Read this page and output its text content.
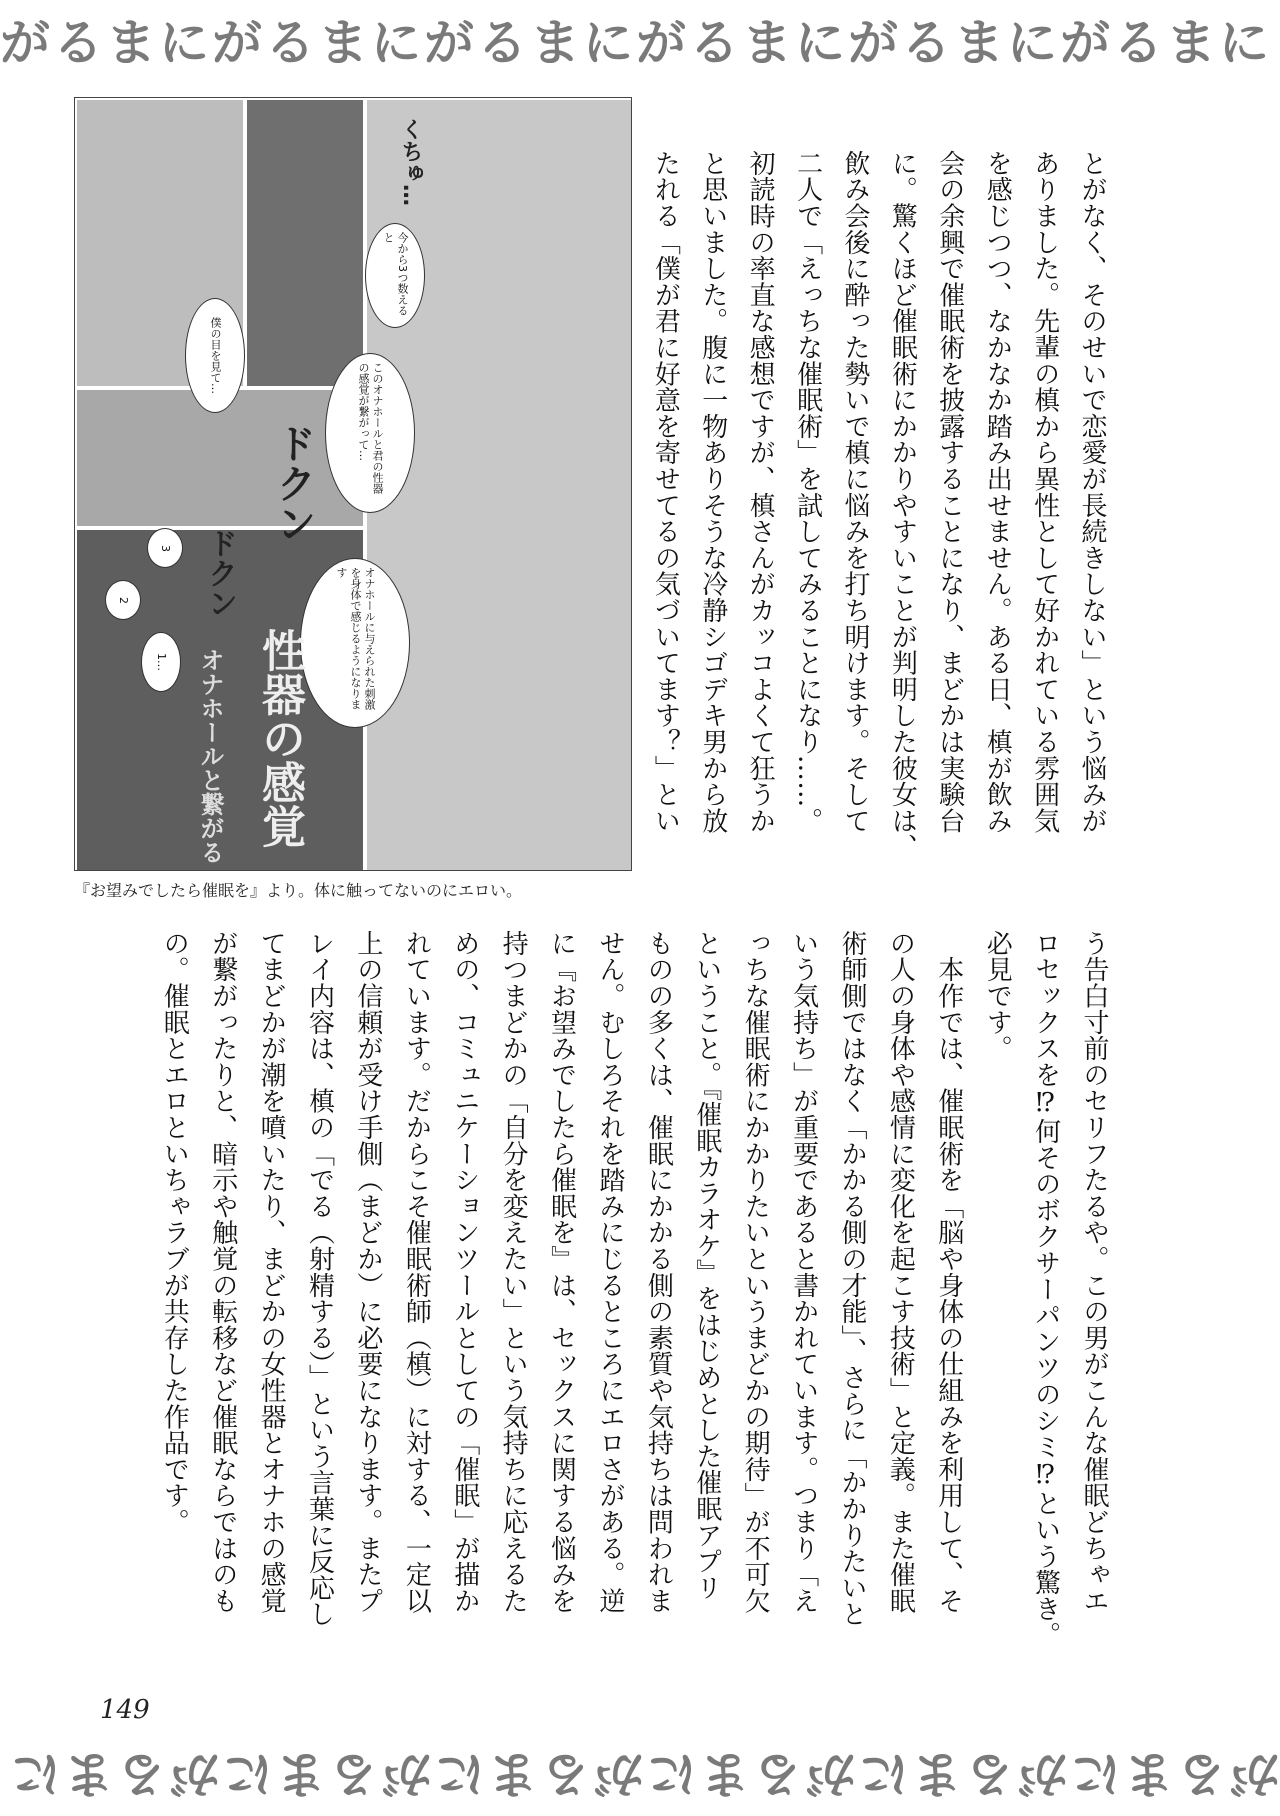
がるまにがるまにがるまにがるまにがるまにがるまに
今から3つ数えると
このオナホールと君の性器の感覚が繋がって…
僕の目を見て…
オナホールに与えられた刺激を身体で感じるようになります
3
2
1…
ドクン
ドクン
くちゅ…
性器の感覚
オナホールと繋がる
『お望みでしたら催眠を』より。体に触ってないのにエロい。
とがなく、そのせいで恋愛が長続きしない」という悩みが
ありました。先輩の槙から異性として好かれている雰囲気
を感じつつ、なかなか踏み出せません。ある日、槙が飲み
会の余興で催眠術を披露することになり、まどかは実験台
に。驚くほど催眠術にかかりやすいことが判明した彼女は、
飲み会後に酔った勢いで槙に悩みを打ち明けます。そして
二人で「えっちな催眠術」を試してみることになり……。
初読時の率直な感想ですが、槙さんがカッコよくて狂うか
と思いました。腹に一物ありそうな冷静シゴデキ男から放
たれる「僕が君に好意を寄せてるの気づいてます？」とい
う告白寸前のセリフたるや。この男がこんな催眠どちゃエ
ロセックスを⁉何そのボクサーパンツのシミ⁉という驚き。
必見です。
　本作では、催眠術を「脳や身体の仕組みを利用して、そ
の人の身体や感情に変化を起こす技術」と定義。また催眠
術師側ではなく「かかる側の才能」、さらに「かかりたいと
いう気持ち」が重要であると書かれています。つまり「え
っちな催眠術にかかりたいというまどかの期待」が不可欠
ということ。『催眠カラオケ』をはじめとした催眠アプリ
ものの多くは、催眠にかかる側の素質や気持ちは問われま
せん。むしろそれを踏みにじるところにエロさがある。逆
に『お望みでしたら催眠を』は、セックスに関する悩みを
持つまどかの「自分を変えたい」という気持ちに応えるた
めの、コミュニケーションツールとしての「催眠」が描か
れています。だからこそ催眠術師（槙）に対する、一定以
上の信頼が受け手側（まどか）に必要になります。またプ
レイ内容は、槙の「でる（射精する）」という言葉に反応し
てまどかが潮を噴いたり、まどかの女性器とオナホの感覚
が繋がったりと、暗示や触覚の転移など催眠ならではのも
の。催眠とエロといちゃラブが共存した作品です。
149
がるまにがるまにがるまにがるまにがるまにがるまに
